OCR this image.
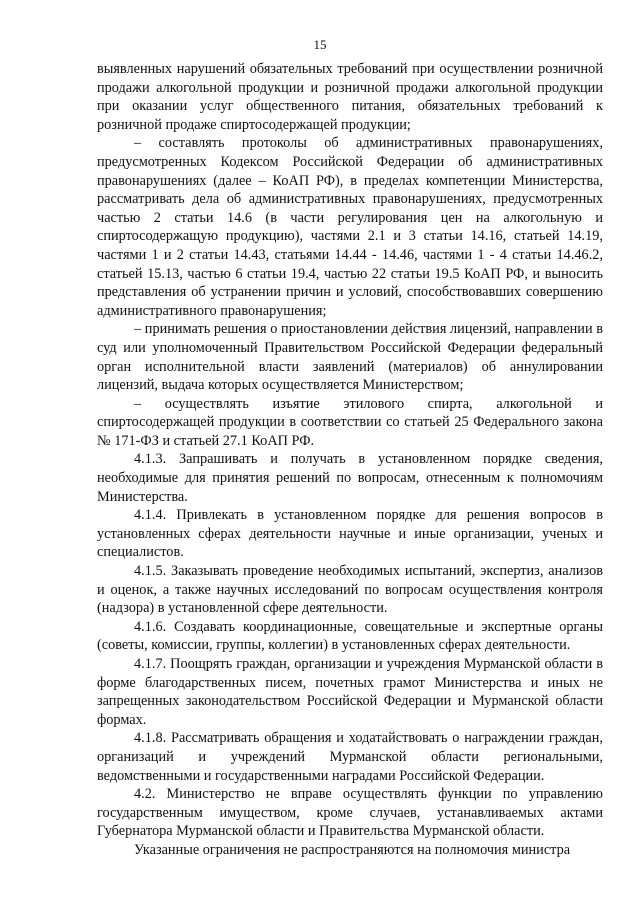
15

выявленных нарушений обязательных требований при осуществлении розничной продажи алкогольной продукции и розничной продажи алкогольной продукции при оказании услуг общественного питания, обязательных требований к розничной продаже спиртосодержащей продукции;

– составлять протоколы об административных правонарушениях, предусмотренных Кодексом Российской Федерации об административных правонарушениях (далее – КоАП РФ), в пределах компетенции Министерства, рассматривать дела об административных правонарушениях, предусмотренных частью 2 статьи 14.6 (в части регулирования цен на алкогольную и спиртосодержащую продукцию), частями 2.1 и 3 статьи 14.16, статьей 14.19, частями 1 и 2 статьи 14.43, статьями 14.44 - 14.46, частями 1 - 4 статьи 14.46.2, статьей 15.13, частью 6 статьи 19.4, частью 22 статьи 19.5 КоАП РФ, и выносить представления об устранении причин и условий, способствовавших совершению административного правонарушения;

– принимать решения о приостановлении действия лицензий, направлении в суд или уполномоченный Правительством Российской Федерации федеральный орган исполнительной власти заявлений (материалов) об аннулировании лицензий, выдача которых осуществляется Министерством;

– осуществлять изъятие этилового спирта, алкогольной и спиртосодержащей продукции в соответствии со статьей 25 Федерального закона № 171-ФЗ и статьей 27.1 КоАП РФ.

4.1.3. Запрашивать и получать в установленном порядке сведения, необходимые для принятия решений по вопросам, отнесенным к полномочиям Министерства.

4.1.4. Привлекать в установленном порядке для решения вопросов в установленных сферах деятельности научные и иные организации, ученых и специалистов.

4.1.5. Заказывать проведение необходимых испытаний, экспертиз, анализов и оценок, а также научных исследований по вопросам осуществления контроля (надзора) в установленной сфере деятельности.

4.1.6. Создавать координационные, совещательные и экспертные органы (советы, комиссии, группы, коллегии) в установленных сферах деятельности.

4.1.7. Поощрять граждан, организации и учреждения Мурманской области в форме благодарственных писем, почетных грамот Министерства и иных не запрещенных законодательством Российской Федерации и Мурманской области формах.

4.1.8. Рассматривать обращения и ходатайствовать о награждении граждан, организаций и учреждений Мурманской области региональными, ведомственными и государственными наградами Российской Федерации.

4.2. Министерство не вправе осуществлять функции по управлению государственным имуществом, кроме случаев, устанавливаемых актами Губернатора Мурманской области и Правительства Мурманской области.

Указанные ограничения не распространяются на полномочия министра
